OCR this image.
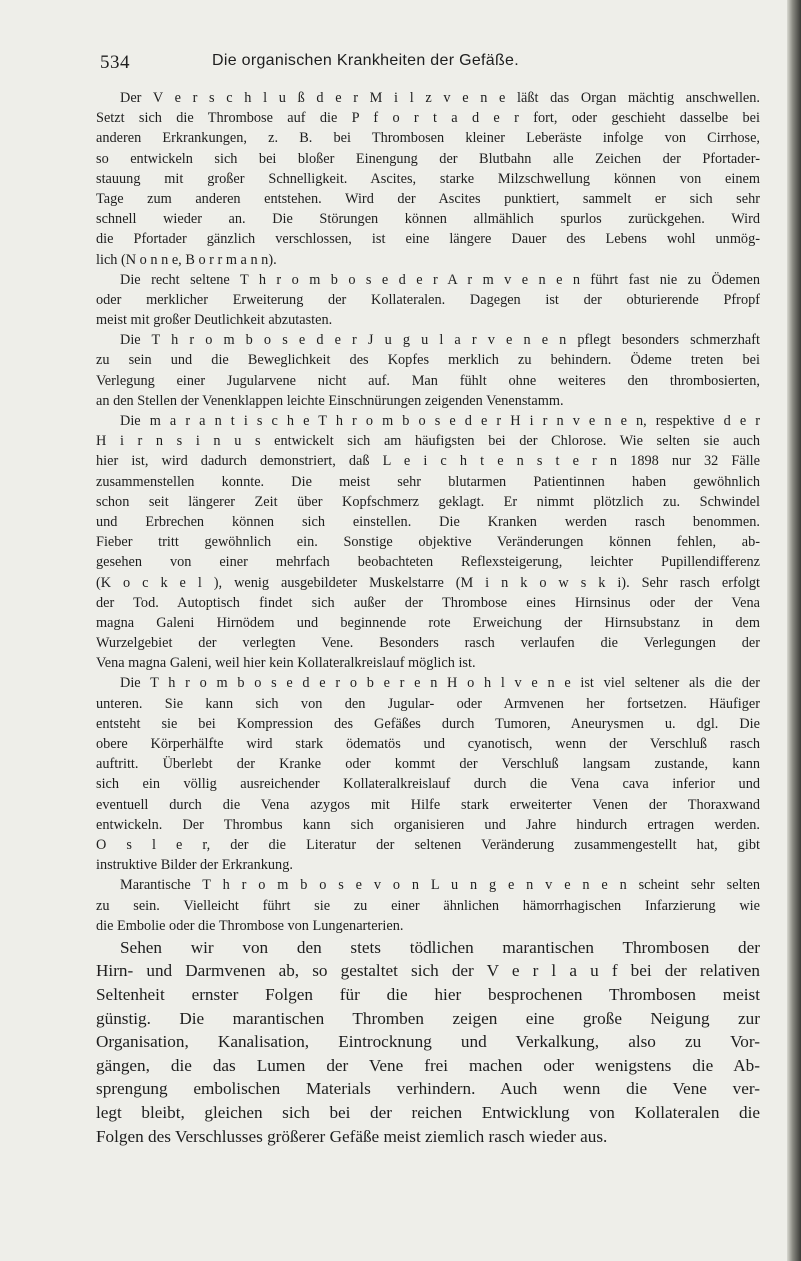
534	Die organischen Krankheiten der Gefäße.
Der V e r s c h l u ß d e r M i l z v e n e läßt das Organ mächtig anschwellen.
Setzt sich die Thrombose auf die P f o r t a d e r fort, oder geschieht dasselbe bei
anderen Erkrankungen, z. B. bei Thrombosen kleiner Leberäste infolge von Cirrhose,
so entwickeln sich bei bloßer Einengung der Blutbahn alle Zeichen der Pfortader-
stauung mit großer Schnelligkeit. Ascites, starke Milzschwellung können von einem
Tage zum anderen entstehen. Wird der Ascites punktiert, sammelt er sich sehr
schnell wieder an. Die Störungen können allmählich spurlos zurückgehen. Wird
die Pfortader gänzlich verschlossen, ist eine längere Dauer des Lebens wohl unmög-
lich (N o n n e, B o r r m a n n).
Die recht seltene T h r o m b o s e d e r A r m v e n e n führt fast nie zu Ödemen
oder merklicher Erweiterung der Kollateralen. Dagegen ist der obturierende Pfropf
meist mit großer Deutlichkeit abzutasten.
Die T h r o m b o s e d e r J u g u l a r v e n e n pflegt besonders schmerzhaft
zu sein und die Beweglichkeit des Kopfes merklich zu behindern. Ödeme treten bei
Verlegung einer Jugularvene nicht auf. Man fühlt ohne weiteres den thrombosierten,
an den Stellen der Venenklappen leichte Einschnürungen zeigenden Venenstamm.
Die m a r a n t i s c h e T h r o m b o s e d e r H i r n v e n e n, respektive d e r
H i r n s i n u s entwickelt sich am häufigsten bei der Chlorose. Wie selten sie auch
hier ist, wird dadurch demonstriert, daß L e i c h t e n s t e r n 1898 nur 32 Fälle
zusammenstellen konnte. Die meist sehr blutarmen Patientinnen haben gewöhnlich
schon seit längerer Zeit über Kopfschmerz geklagt. Er nimmt plötzlich zu. Schwindel
und Erbrechen können sich einstellen. Die Kranken werden rasch benommen.
Fieber tritt gewöhnlich ein. Sonstige objektive Veränderungen können fehlen, ab-
gesehen von einer mehrfach beobachteten Reflexsteigerung, leichter Pupillendifferenz
(K o c k e l ), wenig ausgebildeter Muskelstarre (M i n k o w s k i). Sehr rasch erfolgt
der Tod. Autoptisch findet sich außer der Thrombose eines Hirnsinus oder der Vena
magna Galeni Hirnödem und beginnende rote Erweichung der Hirnsubstanz in dem
Wurzelgebiet der verlegten Vene. Besonders rasch verlaufen die Verlegungen der
Vena magna Galeni, weil hier kein Kollateralkreislauf möglich ist.
Die T h r o m b o s e d e r o b e r e n H o h l v e n e ist viel seltener als die der
unteren. Sie kann sich von den Jugular- oder Armvenen her fortsetzen. Häufiger
entsteht sie bei Kompression des Gefäßes durch Tumoren, Aneurysmen u. dgl. Die
obere Körperhälfte wird stark ödematös und cyanotisch, wenn der Verschluß rasch
auftritt. Überlebt der Kranke oder kommt der Verschluß langsam zustande, kann
sich ein völlig ausreichender Kollateralkreislauf durch die Vena cava inferior und
eventuell durch die Vena azygos mit Hilfe stark erweiterter Venen der Thoraxwand
entwickeln. Der Thrombus kann sich organisieren und Jahre hindurch ertragen werden.
O s l e r, der die Literatur der seltenen Veränderung zusammengestellt hat, gibt
instruktive Bilder der Erkrankung.
Marantische T h r o m b o s e v o n L u n g e n v e n e n scheint sehr selten
zu sein. Vielleicht führt sie zu einer ähnlichen hämorrhagischen Infarzierung wie
die Embolie oder die Thrombose von Lungenarterien.
Sehen wir von den stets tödlichen marantischen Thrombosen der
Hirn- und Darmvenen ab, so gestaltet sich der V e r l a u f bei der relativen
Seltenheit ernster Folgen für die hier besprochenen Thrombosen meist
günstig. Die marantischen Thromben zeigen eine große Neigung zur
Organisation, Kanalisation, Eintrocknung und Verkalkung, also zu Vor-
gängen, die das Lumen der Vene frei machen oder wenigstens die Ab-
sprengung embolischen Materials verhindern. Auch wenn die Vene ver-
legt bleibt, gleichen sich bei der reichen Entwicklung von Kollateralen die
Folgen des Verschlusses größerer Gefäße meist ziemlich rasch wieder aus.
